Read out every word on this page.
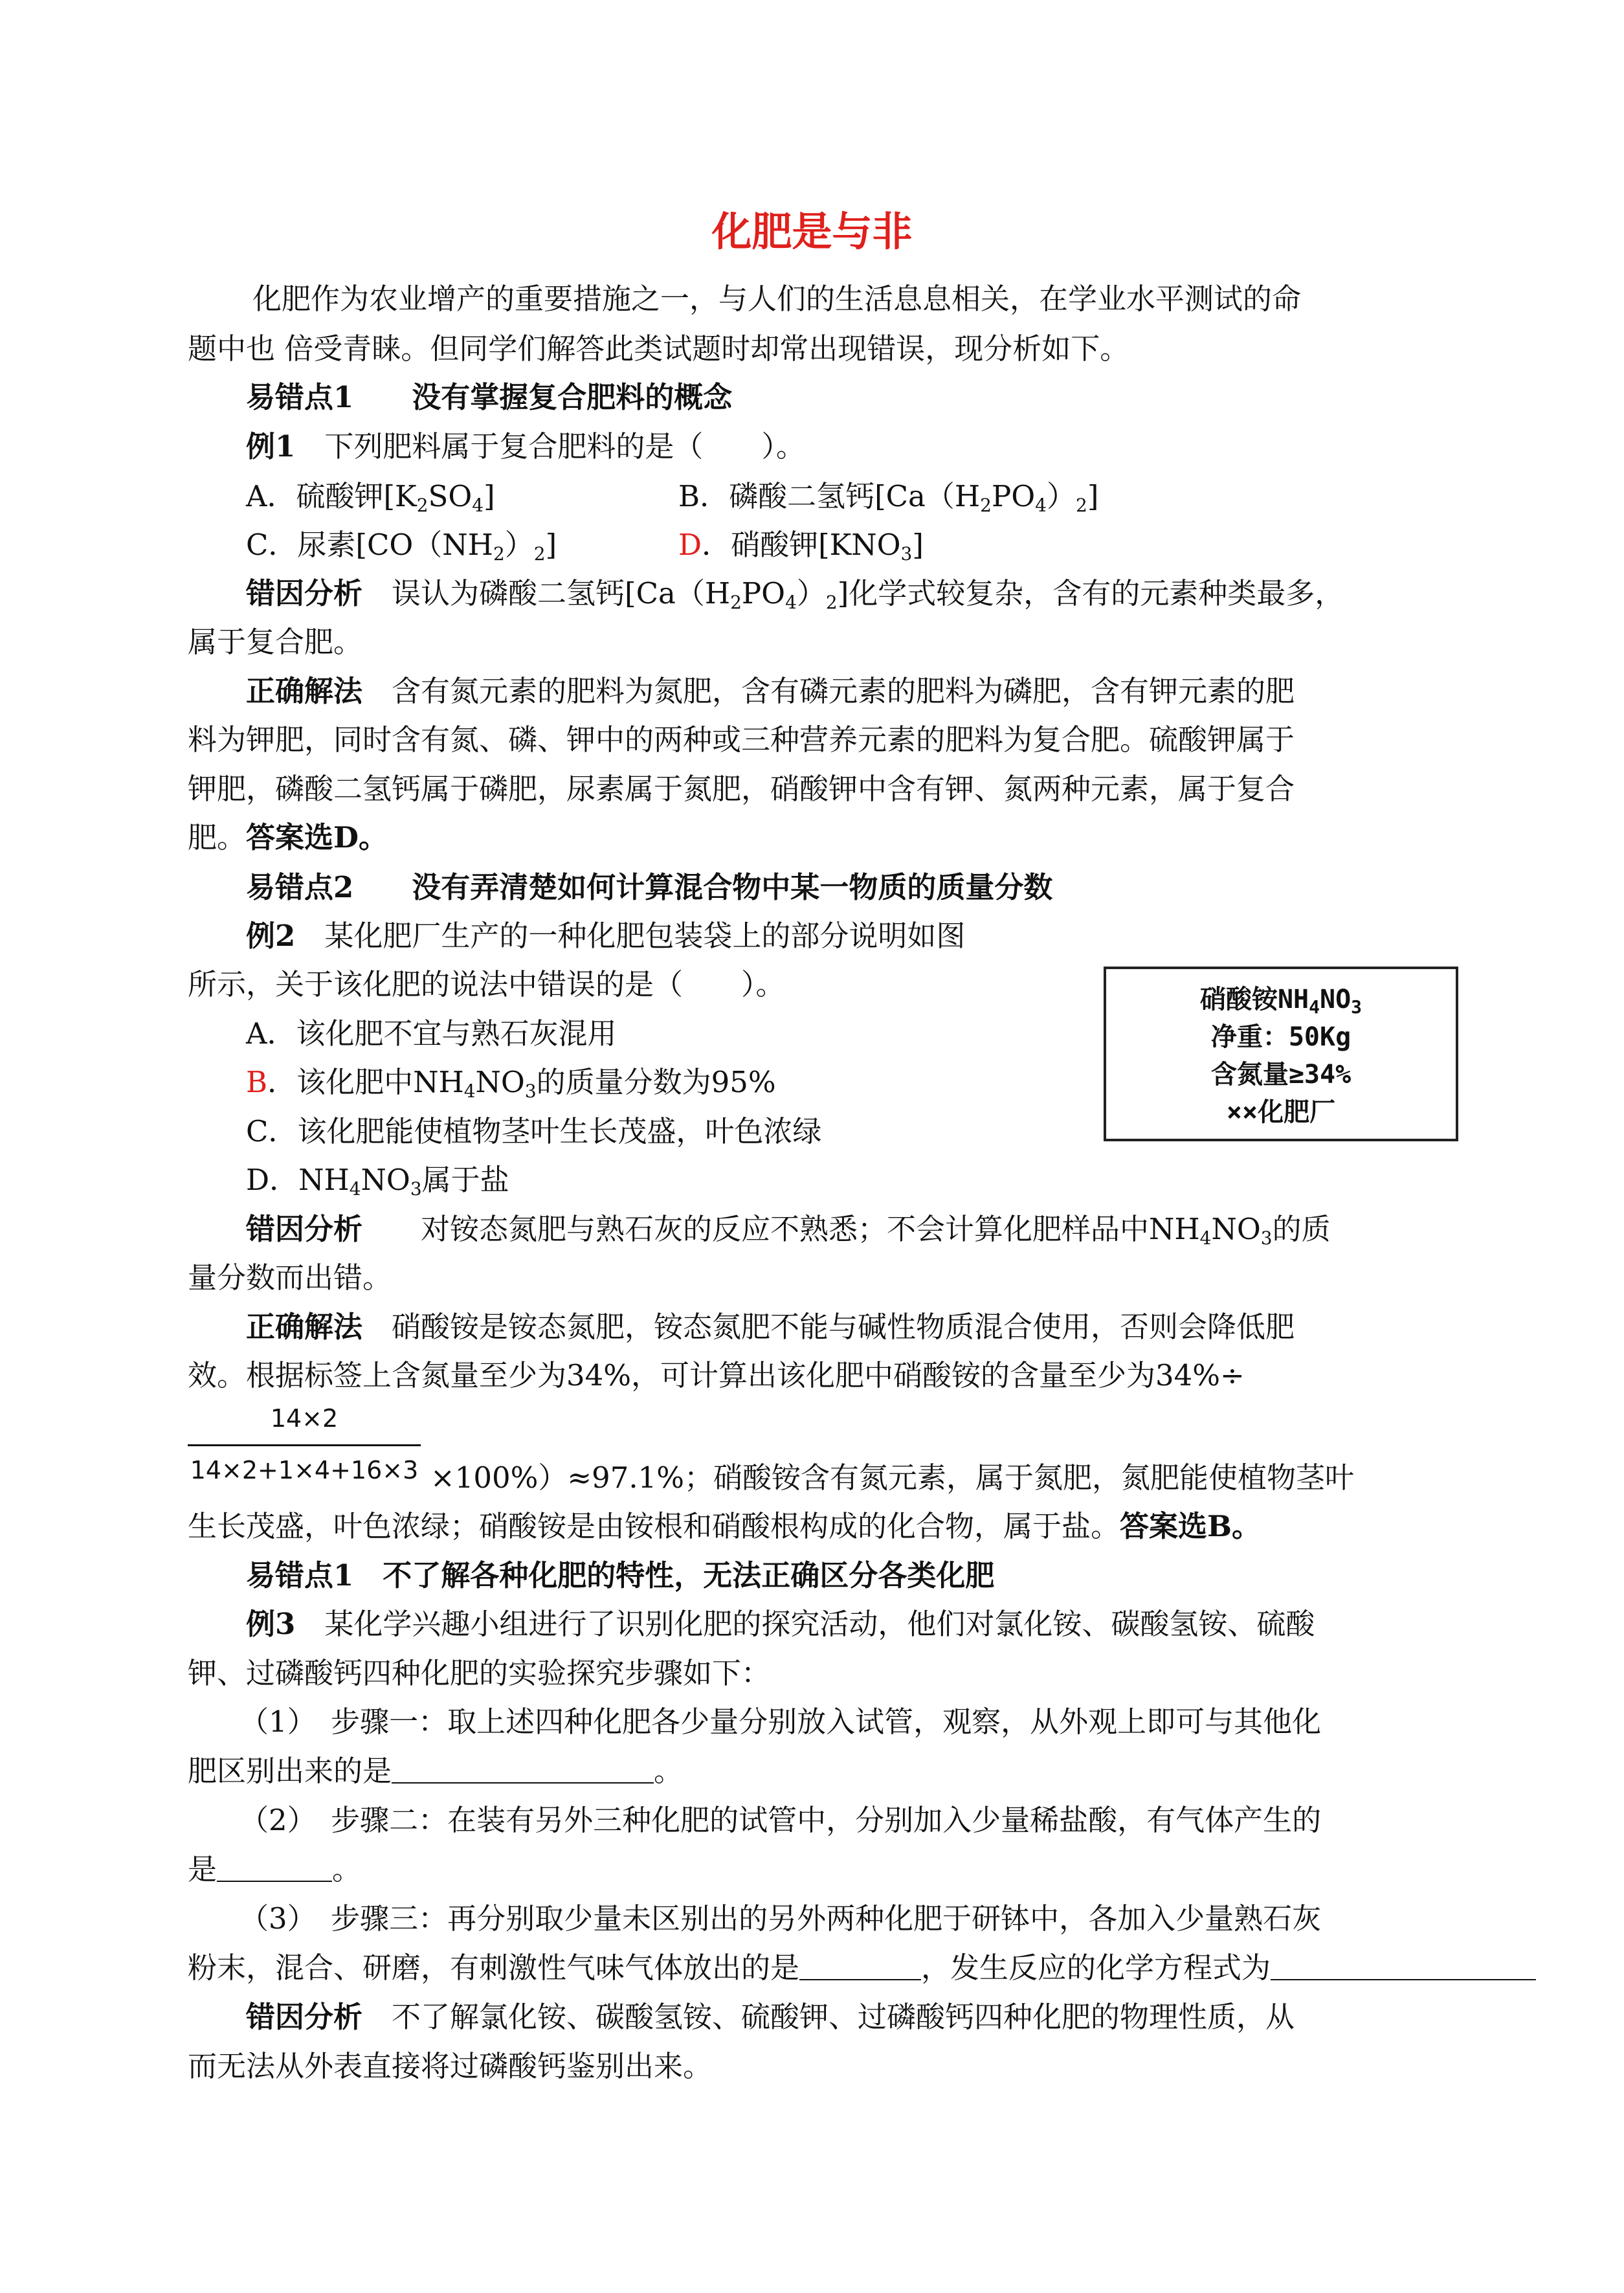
化肥是与非
化肥作为农业增产的重要措施之一，与人们的生活息息相关，在学业水平测试的命
题中也 倍受青睐。但同学们解答此类试题时却常出现错误，现分析如下。
易错点1　　没有掌握复合肥料的概念
例1　下列肥料属于复合肥料的是（　　）。
A．硫酸钾$[K_2SO_4]$	B．磷酸二氢钙$[Ca(H_2PO_4)_2]$
C．尿素$[CO(NH_2)_2]$	D．硝酸钾$[KNO_3]$
错因分析　误认为磷酸二氢钙$[Ca(H_2PO_4)_2]$化学式较复杂，含有的元素种类最多，
属于复合肥。
正确解法　含有氮元素的肥料为氮肥，含有磷元素的肥料为磷肥，含有钾元素的肥
料为钾肥，同时含有氮、磷、钾中的两种或三种营养元素的肥料为复合肥。硫酸钾属于
钾肥，磷酸二氢钙属于磷肥，尿素属于氮肥，硝酸钾中含有钾、氮两种元素，属于复合
肥。答案选D。
易错点2　　没有弄清楚如何计算混合物中某一物质的质量分数
例2　某化肥厂生产的一种化肥包装袋上的部分说明如图
所示，关于该化肥的说法中错误的是（　　）。
A．该化肥不宜与熟石灰混用
B．该化肥中$NH_4NO_3$的质量分数为95%
C．该化肥能使植物茎叶生长茂盛，叶色浓绿
D．$NH_4NO_3$属于盐
硝酸铵$NH_4NO_3$
净重：50Kg
含氮量≥34%
××化肥厂
错因分析　　对铵态氮肥与熟石灰的反应不熟悉；不会计算化肥样品中$NH_4NO_3$的质
量分数而出错。
正确解法　硝酸铵是铵态氮肥，铵态氮肥不能与碱性物质混合使用，否则会降低肥
效。根据标签上含氮量至少为34%，可计算出该化肥中硝酸铵的含量至少为34%÷
14×2
14×2+1×4+16×3 ×100%）≈97.1%；硝酸铵含有氮元素，属于氮肥，氮肥能使植物茎叶
生长茂盛，叶色浓绿；硝酸铵是由铵根和硝酸根构成的化合物，属于盐。答案选B。
易错点1　不了解各种化肥的特性，无法正确区分各类化肥
例3　某化学兴趣小组进行了识别化肥的探究活动，他们对氯化铵、碳酸氢铵、硫酸
钾、过磷酸钙四种化肥的实验探究步骤如下：
（1）　步骤一：取上述四种化肥各少量分别放入试管，观察，从外观上即可与其他化
肥区别出来的是	。
（2）　步骤二：在装有另外三种化肥的试管中，分别加入少量稀盐酸，有气体产生的
是	。
（3）　步骤三：再分别取少量未区别出的另外两种化肥于研钵中，各加入少量熟石灰
粉末，混合、研磨，有刺激性气味气体放出的是	，发生反应的化学方程式为
错因分析　不了解氯化铵、碳酸氢铵、硫酸钾、过磷酸钙四种化肥的物理性质，从
而无法从外表直接将过磷酸钙鉴别出来。
